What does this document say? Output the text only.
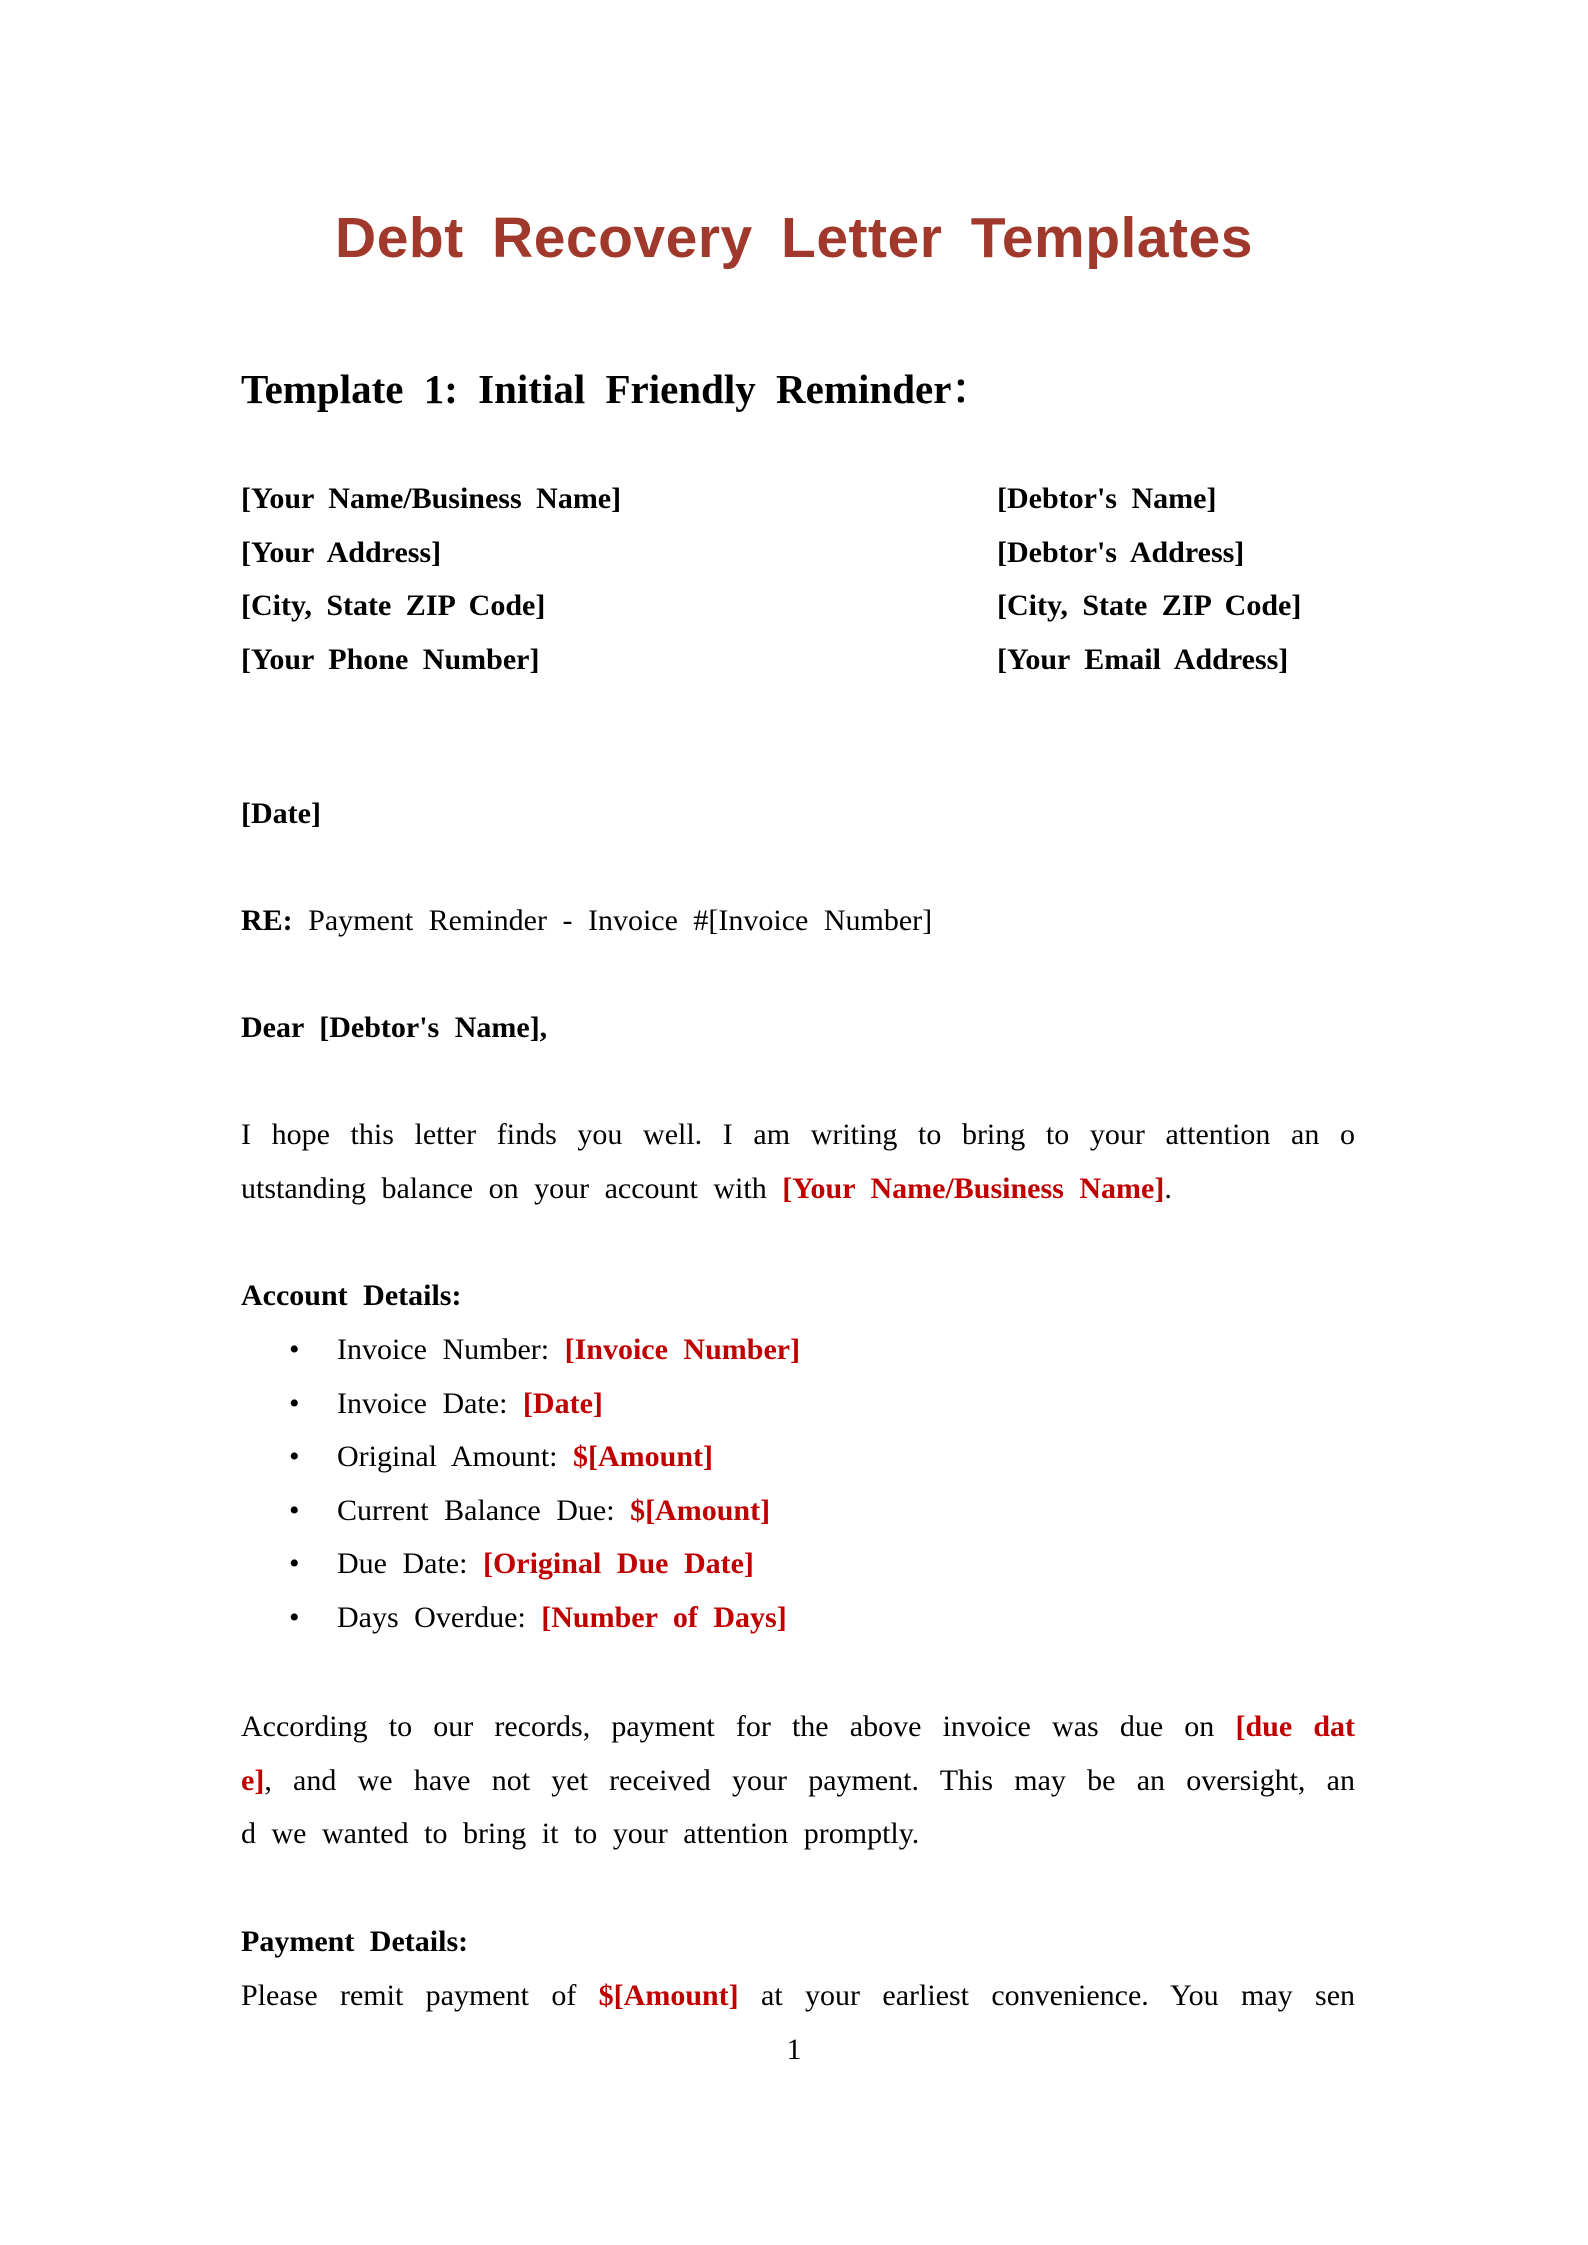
Debt Recovery Letter Templates
Template 1: Initial Friendly Reminder：
[Your Name/Business Name]
[Your Address]
[City, State ZIP Code]
[Your Phone Number]
[Debtor's Name]
[Debtor's Address]
[City, State ZIP Code]
[Your Email Address]
[Date]
RE: Payment Reminder - Invoice #[Invoice Number]
Dear [Debtor's Name],
I hope this letter finds you well. I am writing to bring to your attention an o
utstanding balance on your account with [Your Name/Business Name].
Account Details:
• Invoice Number: [Invoice Number]
• Invoice Date: [Date]
• Original Amount: $[Amount]
• Current Balance Due: $[Amount]
• Due Date: [Original Due Date]
• Days Overdue: [Number of Days]
According to our records, payment for the above invoice was due on [due dat
e], and we have not yet received your payment. This may be an oversight, an
d we wanted to bring it to your attention promptly.
Payment Details:
Please remit payment of $[Amount] at your earliest convenience. You may sen
1
